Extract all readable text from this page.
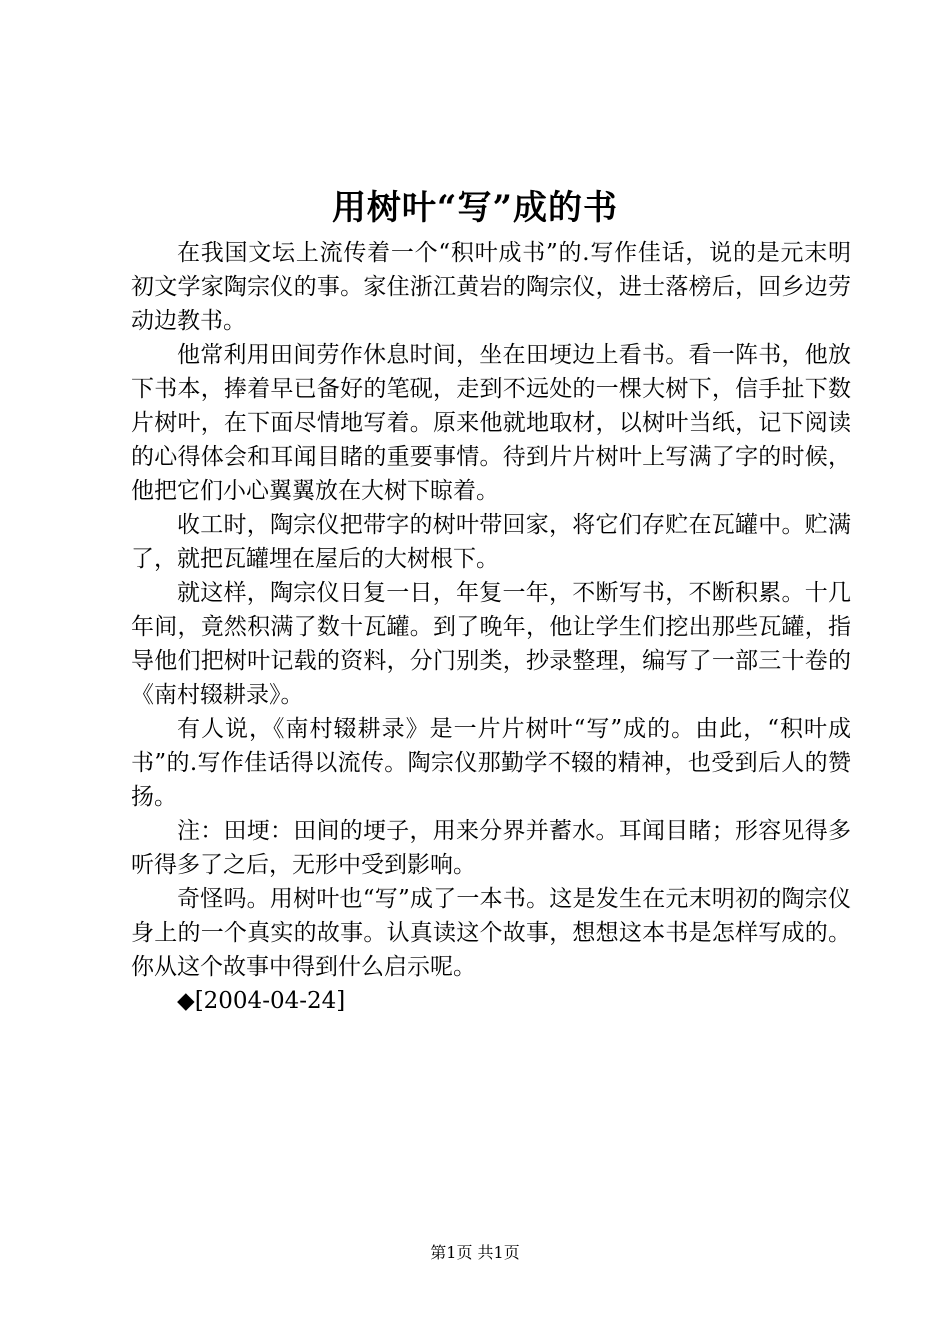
用树叶“写”成的书

在我国文坛上流传着一个“积叶成书”的.写作佳话，说的是元末明初文学家陶宗仪的事。家住浙江黄岩的陶宗仪，进士落榜后，回乡边劳动边教书。

他常利用田间劳作休息时间，坐在田埂边上看书。看一阵书，他放下书本，捧着早已备好的笔砚，走到不远处的一棵大树下，信手扯下数片树叶，在下面尽情地写着。原来他就地取材，以树叶当纸，记下阅读的心得体会和耳闻目睹的重要事情。待到片片树叶上写满了字的时候，他把它们小心翼翼放在大树下晾着。

收工时，陶宗仪把带字的树叶带回家，将它们存贮在瓦罐中。贮满了，就把瓦罐埋在屋后的大树根下。

就这样，陶宗仪日复一日，年复一年，不断写书，不断积累。十几年间，竟然积满了数十瓦罐。到了晚年，他让学生们挖出那些瓦罐，指导他们把树叶记载的资料，分门别类，抄录整理，编写了一部三十卷的《南村辍耕录》。

有人说，《南村辍耕录》是一片片树叶“写”成的。由此，“积叶成书”的.写作佳话得以流传。陶宗仪那勤学不辍的精神，也受到后人的赞扬。

注：田埂：田间的埂子，用来分界并蓄水。耳闻目睹；形容见得多听得多了之后，无形中受到影响。

奇怪吗。用树叶也“写”成了一本书。这是发生在元末明初的陶宗仪身上的一个真实的故事。认真读这个故事，想想这本书是怎样写成的。你从这个故事中得到什么启示呢。

◆[2004-04-24]

第1页 共1页
